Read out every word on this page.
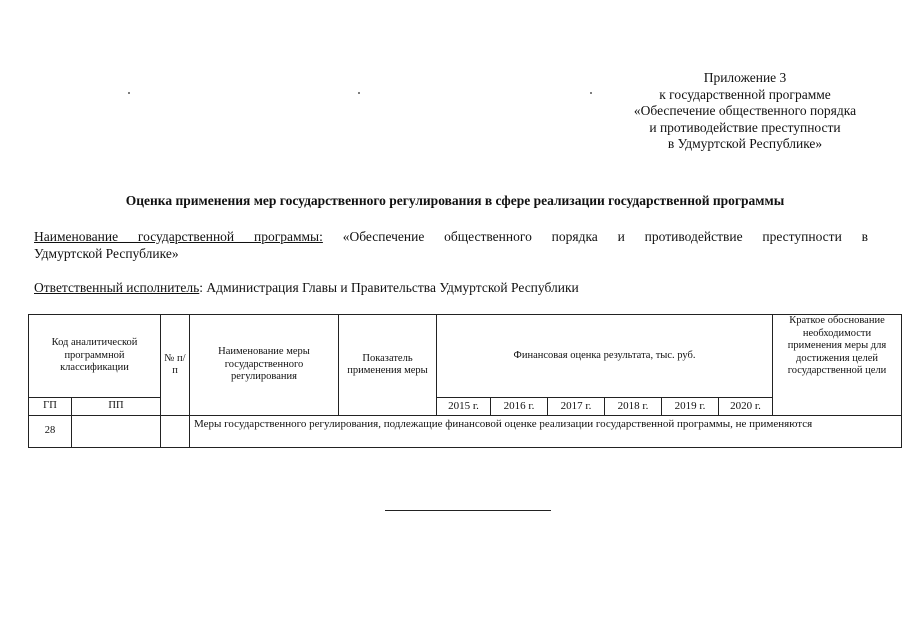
Приложение 3
к государственной программе
«Обеспечение общественного порядка
и противодействие преступности
в Удмуртской Республике»
Оценка применения мер государственного регулирования в сфере реализации государственной программы
Наименование государственной программы: «Обеспечение общественного порядка и противодействие преступности в
Удмуртской Республике»
Ответственный исполнитель: Администрация Главы и Правительства Удмуртской Республики
Код аналитической программной классификации		№ п/п	Наименование меры государственного регулирования	Показатель применения меры	Финансовая оценка результата, тыс. руб.						Краткое обоснование необходимости применения меры для достижения целей государственной цели
ГП	ПП				2015 г.	2016 г.	2017 г.	2018 г.	2019 г.	2020 г.	
28			Меры государственного регулирования, подлежащие финансовой оценке реализации государственной программы, не применяются								
